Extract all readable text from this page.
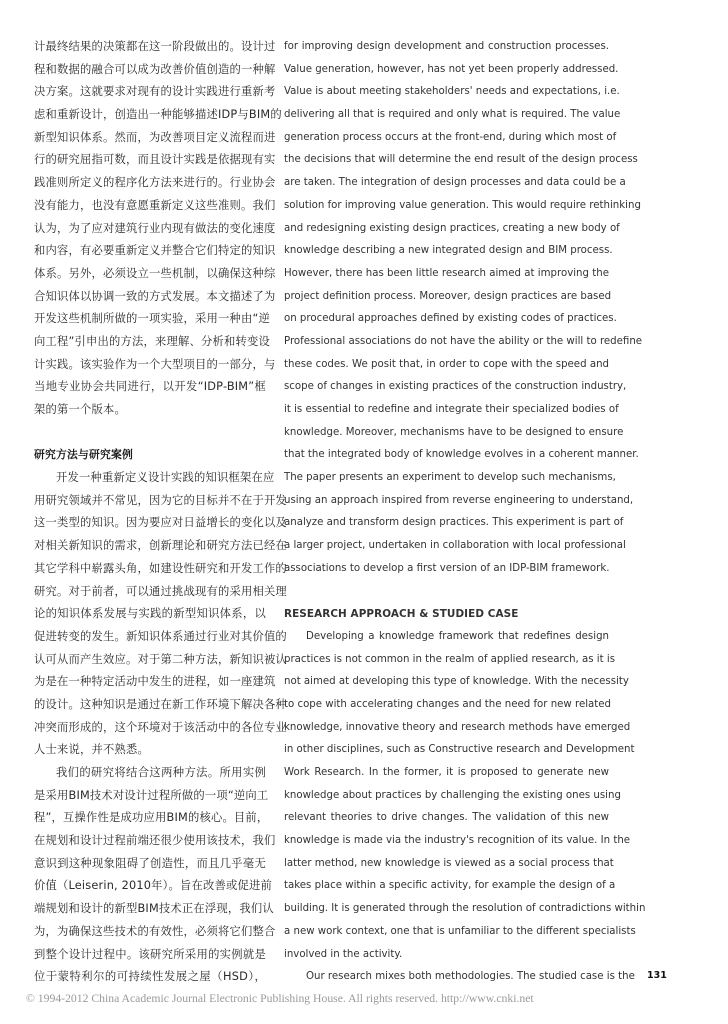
计最终结果的决策都在这一阶段做出的。设计过
程和数据的融合可以成为改善价值创造的一种解
决方案。这就要求对现有的设计实践进行重新考
虑和重新设计，创造出一种能够描述IDP与BIM的
新型知识体系。然而，为改善项目定义流程而进
行的研究屈指可数，而且设计实践是依据现有实
践准则所定义的程序化方法来进行的。行业协会
没有能力，也没有意愿重新定义这些准则。我们
认为，为了应对建筑行业内现有做法的变化速度
和内容，有必要重新定义并整合它们特定的知识
体系。另外，必须设立一些机制，以确保这种综
合知识体以协调一致的方式发展。本文描述了为
开发这些机制所做的一项实验，采用一种由“逆
向工程”引申出的方法，来理解、分析和转变设
计实践。该实验作为一个大型项目的一部分，与
当地专业协会共同进行，以开发“IDP-BIM”框
架的第一个版本。
研究方法与研究案例
开发一种重新定义设计实践的知识框架在应
用研究领域并不常见，因为它的目标并不在于开发
这一类型的知识。因为要应对日益增长的变化以及
对相关新知识的需求，创新理论和研究方法已经在
其它学科中崭露头角，如建设性研究和开发工作的
研究。对于前者，可以通过挑战现有的采用相关理
论的知识体系发展与实践的新型知识体系，以
促进转变的发生。新知识体系通过行业对其价值的
认可从而产生效应。对于第二种方法，新知识被认
为是在一种特定活动中发生的进程，如一座建筑
的设计。这种知识是通过在新工作环境下解决各种
冲突而形成的，这个环境对于该活动中的各位专业
人士来说，并不熟悉。
我们的研究将结合这两种方法。所用实例
是采用BIM技术对设计过程所做的一项“逆向工
程”，互操作性是成功应用BIM的核心。目前，
在规划和设计过程前端还很少使用该技术，我们
意识到这种现象阻碍了创造性，而且几乎毫无
价值（Leiserin, 2010年）。旨在改善或促进前
端规划和设计的新型BIM技术正在浮现，我们认
为，为确保这些技术的有效性，必须将它们整合
到整个设计过程中。该研究所采用的实例就是
位于蒙特利尔的可持续性发展之屋（HSD），
for improving design development and construction processes.
Value generation, however, has not yet been properly addressed.
Value is about meeting stakeholders' needs and expectations, i.e.
delivering all that is required and only what is required. The value
generation process occurs at the front-end, during which most of
the decisions that will determine the end result of the design process
are taken. The integration of design processes and data could be a
solution for improving value generation. This would require rethinking
and redesigning existing design practices, creating a new body of
knowledge describing a new integrated design and BIM process.
However, there has been little research aimed at improving the
project definition process. Moreover, design practices are based
on procedural approaches defined by existing codes of practices.
Professional associations do not have the ability or the will to redefine
these codes. We posit that, in order to cope with the speed and
scope of changes in existing practices of the construction industry,
it is essential to redefine and integrate their specialized bodies of
knowledge. Moreover, mechanisms have to be designed to ensure
that the integrated body of knowledge evolves in a coherent manner.
The paper presents an experiment to develop such mechanisms,
using an approach inspired from reverse engineering to understand,
analyze and transform design practices. This experiment is part of
a larger project, undertaken in collaboration with local professional
associations to develop a first version of an IDP-BIM framework.
RESEARCH APPROACH & STUDIED CASE
Developing a knowledge framework that redefines design
practices is not common in the realm of applied research, as it is
not aimed at developing this type of knowledge. With the necessity
to cope with accelerating changes and the need for new related
knowledge, innovative theory and research methods have emerged
in other disciplines, such as Constructive research and Development
Work Research. In the former, it is proposed to generate new
knowledge about practices by challenging the existing ones using
relevant theories to drive changes. The validation of this new
knowledge is made via the industry's recognition of its value. In the
latter method, new knowledge is viewed as a social process that
takes place within a specific activity, for example the design of a
building. It is generated through the resolution of contradictions within
a new work context, one that is unfamiliar to the different specialists
involved in the activity.
Our research mixes both methodologies. The studied case is the 131
© 1994-2012 China Academic Journal Electronic Publishing House. All rights reserved. http://www.cnki.net
